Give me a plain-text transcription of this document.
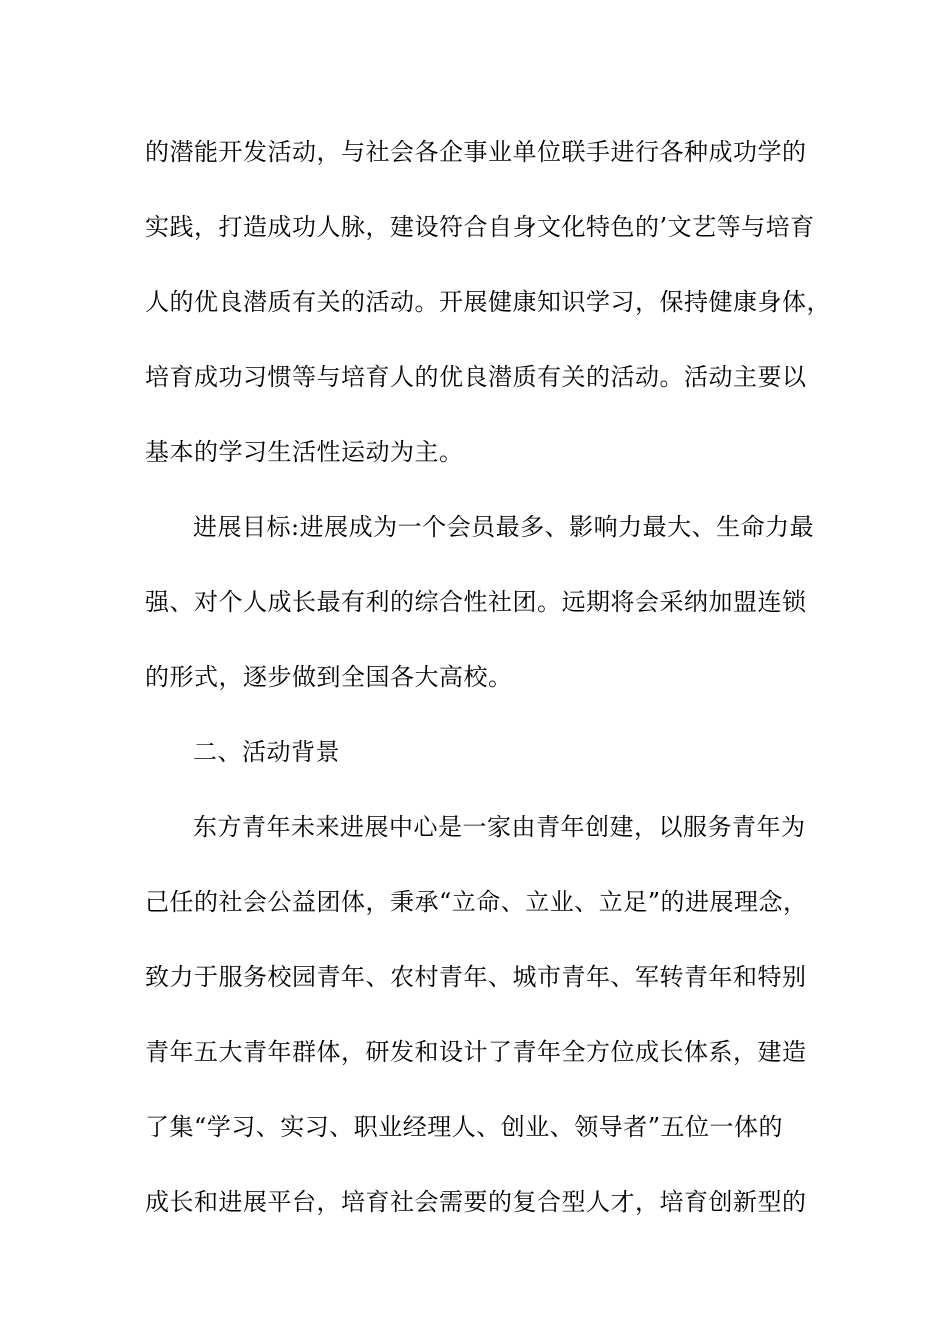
的潜能开发活动，与社会各企事业单位联手进行各种成功学的
实践，打造成功人脉，建设符合自身文化特色的’文艺等与培育
人的优良潜质有关的活动。开展健康知识学习，保持健康身体，
培育成功习惯等与培育人的优良潜质有关的活动。活动主要以
基本的学习生活性运动为主。
进展目标:进展成为一个会员最多、影响力最大、生命力最
强、对个人成长最有利的综合性社团。远期将会采纳加盟连锁
的形式，逐步做到全国各大高校。
二、活动背景
东方青年未来进展中心是一家由青年创建，以服务青年为
己任的社会公益团体，秉承“立命、立业、立足”的进展理念，
致力于服务校园青年、农村青年、城市青年、军转青年和特别
青年五大青年群体，研发和设计了青年全方位成长体系，建造
了集“学习、实习、职业经理人、创业、领导者”五位一体的
成长和进展平台，培育社会需要的复合型人才，培育创新型的
